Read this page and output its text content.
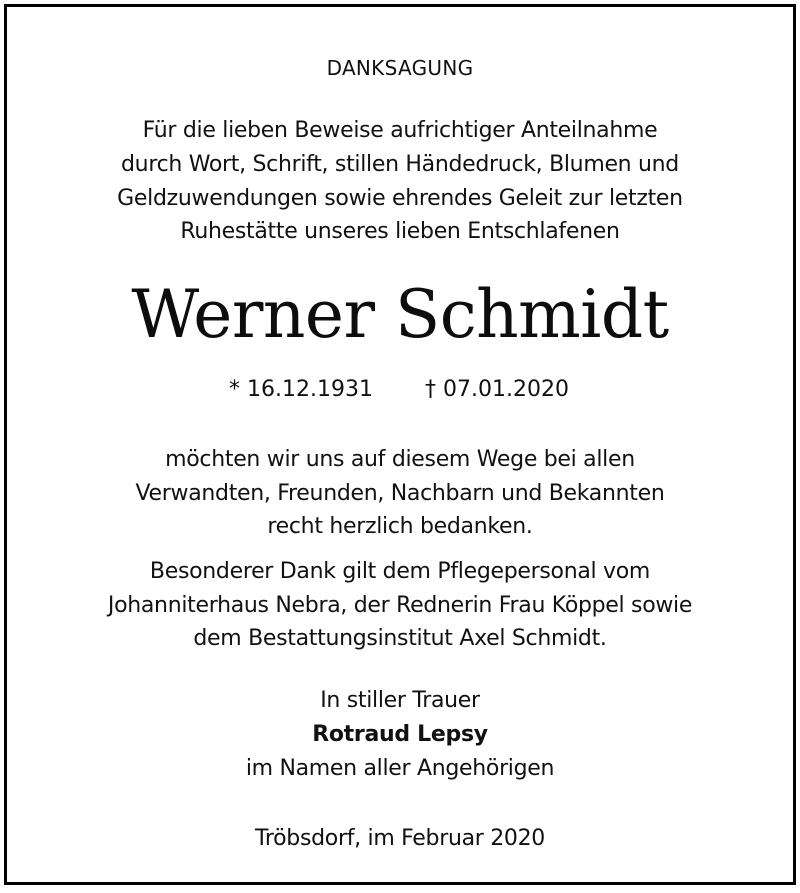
DANKSAGUNG
Für die lieben Beweise aufrichtiger Anteilnahme
durch Wort, Schrift, stillen Händedruck, Blumen und
Geldzuwendungen sowie ehrendes Geleit zur letzten
Ruhestätte unseres lieben Entschlafenen
Werner Schmidt
* 16.12.1931 † 07.01.2020
möchten wir uns auf diesem Wege bei allen
Verwandten, Freunden, Nachbarn und Bekannten
recht herzlich bedanken.
Besonderer Dank gilt dem Pflegepersonal vom
Johanniterhaus Nebra, der Rednerin Frau Köppel sowie
dem Bestattungsinstitut Axel Schmidt.
In stiller Trauer
Rotraud Lepsy
im Namen aller Angehörigen
Tröbsdorf, im Februar 2020
